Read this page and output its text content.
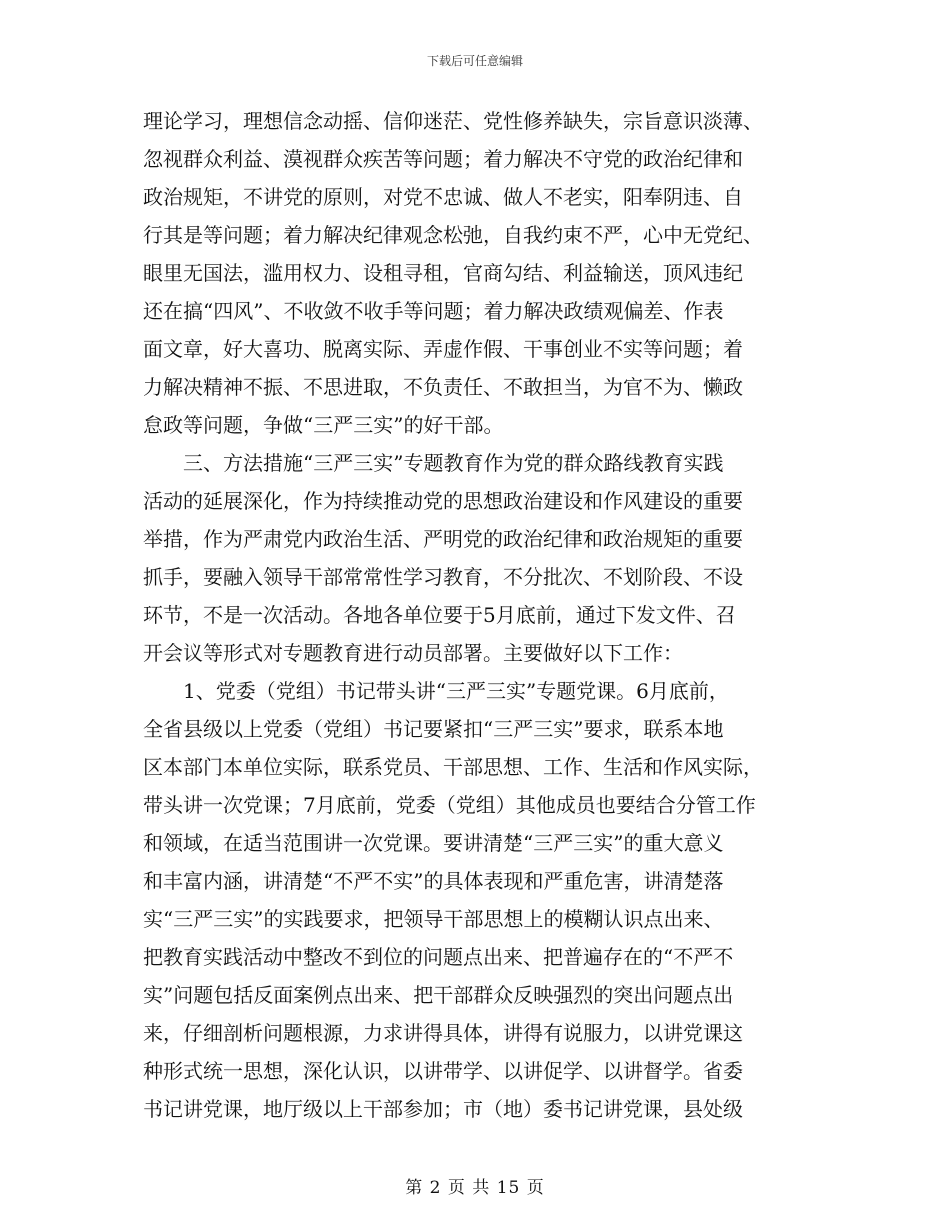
下载后可任意编辑
理论学习，理想信念动摇、信仰迷茫、党性修养缺失，宗旨意识淡薄、
忽视群众利益、漠视群众疾苦等问题；着力解决不守党的政治纪律和
政治规矩，不讲党的原则，对党不忠诚、做人不老实，阳奉阴违、自
行其是等问题；着力解决纪律观念松弛，自我约束不严，心中无党纪、
眼里无国法，滥用权力、设租寻租，官商勾结、利益输送，顶风违纪
还在搞“四风”、不收敛不收手等问题；着力解决政绩观偏差、作表
面文章，好大喜功、脱离实际、弄虚作假、干事创业不实等问题；着
力解决精神不振、不思进取，不负责任、不敢担当，为官不为、懒政
怠政等问题，争做“三严三实”的好干部。
三、方法措施“三严三实”专题教育作为党的群众路线教育实践
活动的延展深化，作为持续推动党的思想政治建设和作风建设的重要
举措，作为严肃党内政治生活、严明党的政治纪律和政治规矩的重要
抓手，要融入领导干部常常性学习教育，不分批次、不划阶段、不设
环节，不是一次活动。各地各单位要于5月底前，通过下发文件、召
开会议等形式对专题教育进行动员部署。主要做好以下工作：
1、党委（党组）书记带头讲“三严三实”专题党课。6月底前，
全省县级以上党委（党组）书记要紧扣“三严三实”要求，联系本地
区本部门本单位实际，联系党员、干部思想、工作、生活和作风实际，
带头讲一次党课；7月底前，党委（党组）其他成员也要结合分管工作
和领域，在适当范围讲一次党课。要讲清楚“三严三实”的重大意义
和丰富内涵，讲清楚“不严不实”的具体表现和严重危害，讲清楚落
实“三严三实”的实践要求，把领导干部思想上的模糊认识点出来、
把教育实践活动中整改不到位的问题点出来、把普遍存在的“不严不
实”问题包括反面案例点出来、把干部群众反映强烈的突出问题点出
来，仔细剖析问题根源，力求讲得具体，讲得有说服力，以讲党课这
种形式统一思想，深化认识，以讲带学、以讲促学、以讲督学。省委
书记讲党课，地厅级以上干部参加；市（地）委书记讲党课，县处级
第 2 页 共 15 页
